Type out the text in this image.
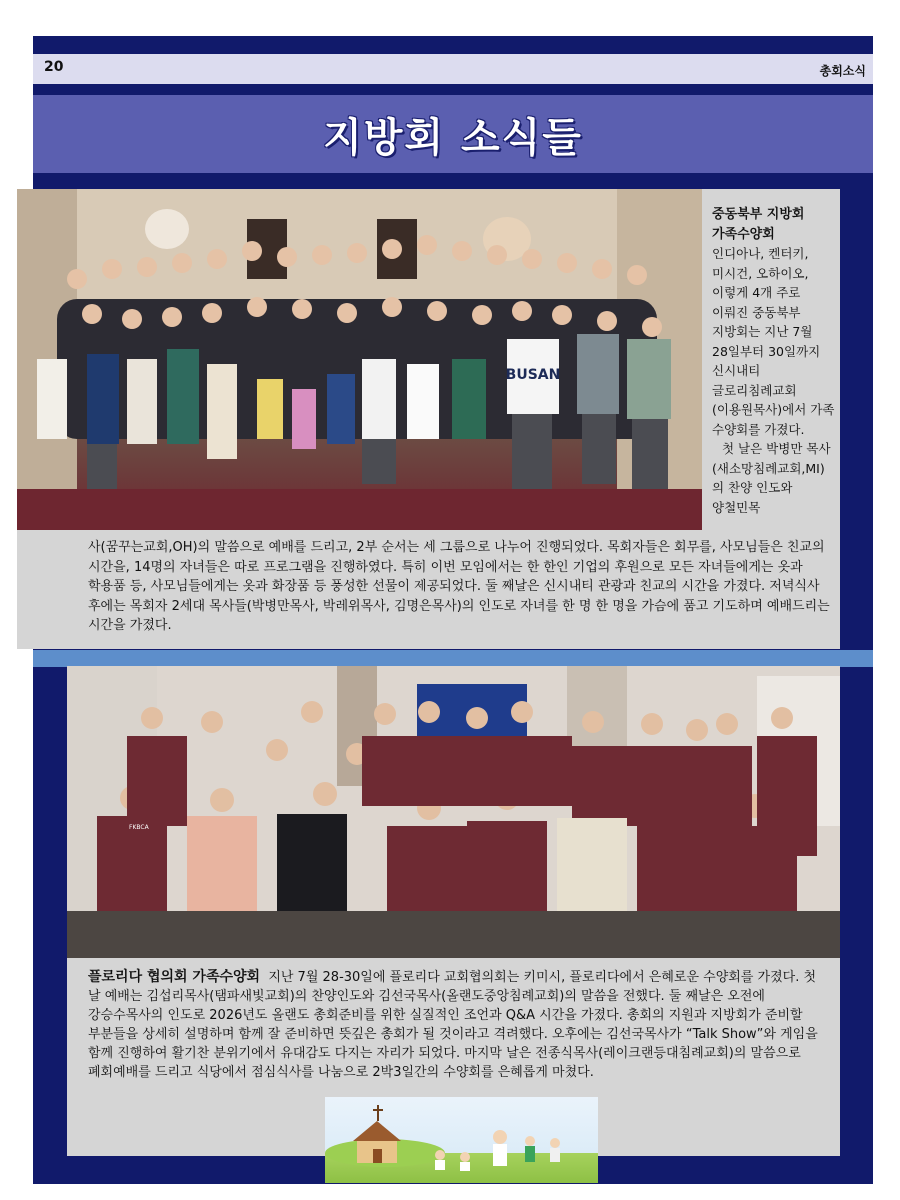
20	총회소식
지방회 소식들
BUSAN
중동북부 지방회 가족수양회
인디아나, 켄터키, 미시건, 오하이오, 이렇게 4개 주로 이뤄진 중동북부 지방회는 지난 7월 28일부터 30일까지 신시내티 글로리침례교회(이용원목사)에서 가족 수양회를 가졌다.
첫 날은 박병만 목사(새소망침례교회,MI)의 찬양 인도와 양철민목
사(꿈꾸는교회,OH)의 말씀으로 예배를 드리고, 2부 순서는 세 그룹으로 나누어 진행되었다. 목회자들은 회무를, 사모님들은 친교의 시간을, 14명의 자녀들은 따로 프로그램을 진행하였다. 특히 이번 모임에서는 한 한인 기업의 후원으로 모든 자녀들에게는 옷과 학용품 등, 사모님들에게는 옷과 화장품 등 풍성한 선물이 제공되었다. 둘 째날은 신시내티 관광과 친교의 시간을 가졌다. 저녁식사 후에는 목회자 2세대 목사들(박병만목사, 박레위목사, 김명은목사)의 인도로 자녀를 한 명 한 명을 가슴에 품고 기도하며 예배드리는 시간을 가졌다.
FKBCA
플로리다 협의회 가족수양회 지난 7월 28-30일에 플로리다 교회협의회는 키미시, 플로리다에서 은혜로운 수양회를 가졌다. 첫 날 예배는 김섭리목사(탬파새빛교회)의 찬양인도와 김선국목사(올랜도중앙침례교회)의 말씀을 전했다. 둘 째날은 오전에 강승수목사의 인도로 2026년도 올랜도 총회준비를 위한 실질적인 조언과 Q&A 시간을 가졌다. 총회의 지원과 지방회가 준비할 부분들을 상세히 설명하며 함께 잘 준비하면 뜻깊은 총회가 될 것이라고 격려했다. 오후에는 김선국목사가 “Talk Show”와 게임을 함께 진행하여 활기찬 분위기에서 유대감도 다지는 자리가 되었다. 마지막 날은 전종식목사(레이크랜등대침례교회)의 말씀으로 폐회예배를 드리고 식당에서 점심식사를 나눔으로 2박3일간의 수양회를 은혜롭게 마쳤다.
